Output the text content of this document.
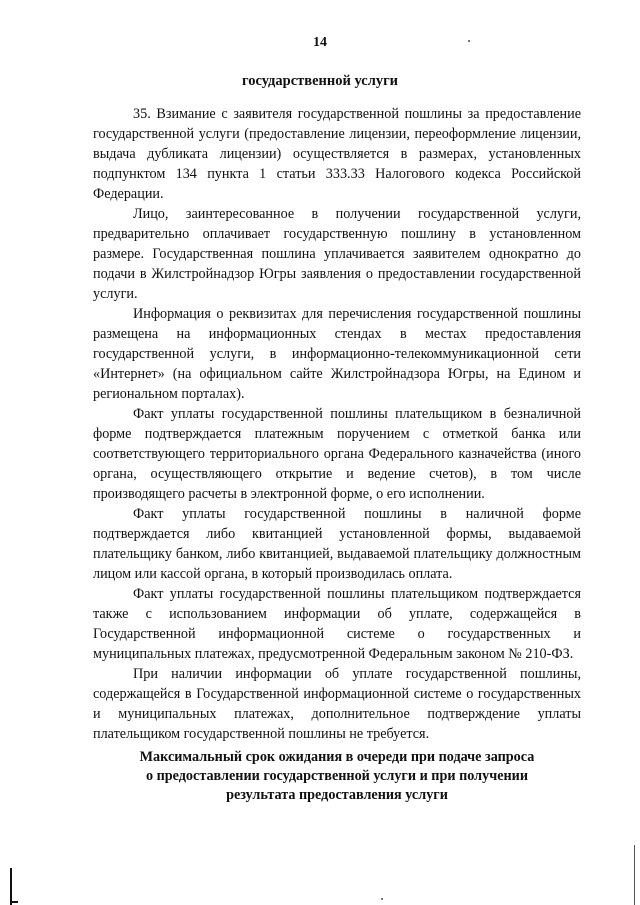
14
государственной услуги

35. Взимание с заявителя государственной пошлины за предоставление государственной услуги (предоставление лицензии, переоформление лицензии, выдача дубликата лицензии) осуществляется в размерах, установленных подпунктом 134 пункта 1 статьи 333.33 Налогового кодекса Российской Федерации.

Лицо, заинтересованное в получении государственной услуги, предварительно оплачивает государственную пошлину в установленном размере. Государственная пошлина уплачивается заявителем однократно до подачи в Жилстройнадзор Югры заявления о предоставлении государственной услуги.

Информация о реквизитах для перечисления государственной пошлины размещена на информационных стендах в местах предоставления государственной услуги, в информационно-телекоммуникационной сети «Интернет» (на официальном сайте Жилстройнадзора Югры, на Едином и региональном порталах).

Факт уплаты государственной пошлины плательщиком в безналичной форме подтверждается платежным поручением с отметкой банка или соответствующего территориального органа Федерального казначейства (иного органа, осуществляющего открытие и ведение счетов), в том числе производящего расчеты в электронной форме, о его исполнении.

Факт уплаты государственной пошлины в наличной форме подтверждается либо квитанцией установленной формы, выдаваемой плательщику банком, либо квитанцией, выдаваемой плательщику должностным лицом или кассой органа, в который производилась оплата.

Факт уплаты государственной пошлины плательщиком подтверждается также с использованием информации об уплате, содержащейся в Государственной информационной системе о государственных и муниципальных платежах, предусмотренной Федеральным законом № 210-ФЗ.

При наличии информации об уплате государственной пошлины, содержащейся в Государственной информационной системе о государственных и муниципальных платежах, дополнительное подтверждение уплаты плательщиком государственной пошлины не требуется.

Максимальный срок ожидания в очереди при подаче запроса
о предоставлении государственной услуги и при получении
результата предоставления услуги
